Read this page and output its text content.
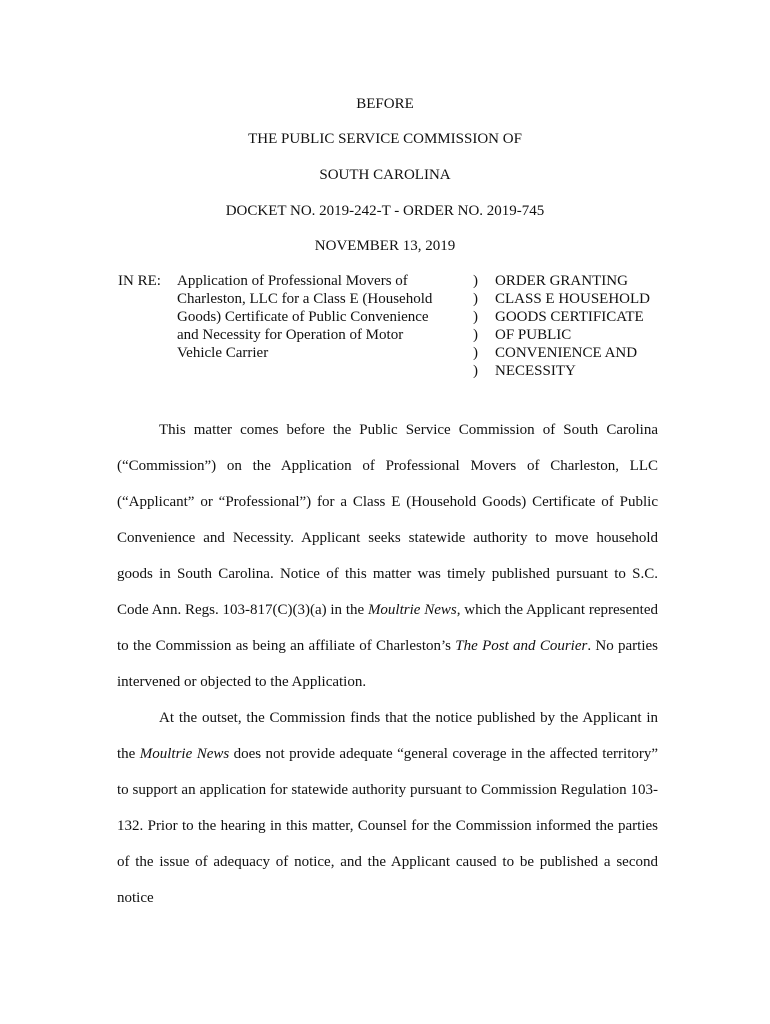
BEFORE
THE PUBLIC SERVICE COMMISSION OF
SOUTH CAROLINA
DOCKET NO. 2019-242-T - ORDER NO. 2019-745
NOVEMBER 13, 2019
IN RE: Application of Professional Movers of
Charleston, LLC for a Class E (Household
Goods) Certificate of Public Convenience
and Necessity for Operation of Motor
Vehicle Carrier
)
)
)
)
)
)
ORDER GRANTING
CLASS E HOUSEHOLD
GOODS CERTIFICATE
OF PUBLIC
CONVENIENCE AND
NECESSITY

This matter comes before the Public Service Commission of South Carolina (“Commission”) on the Application of Professional Movers of Charleston, LLC (“Applicant” or “Professional”) for a Class E (Household Goods) Certificate of Public Convenience and Necessity. Applicant seeks statewide authority to move household goods in South Carolina. Notice of this matter was timely published pursuant to S.C. Code Ann. Regs. 103-817(C)(3)(a) in the Moultrie News, which the Applicant represented to the Commission as being an affiliate of Charleston’s The Post and Courier. No parties intervened or objected to the Application.

At the outset, the Commission finds that the notice published by the Applicant in the Moultrie News does not provide adequate “general coverage in the affected territory” to support an application for statewide authority pursuant to Commission Regulation 103-132. Prior to the hearing in this matter, Counsel for the Commission informed the parties of the issue of adequacy of notice, and the Applicant caused to be published a second notice
